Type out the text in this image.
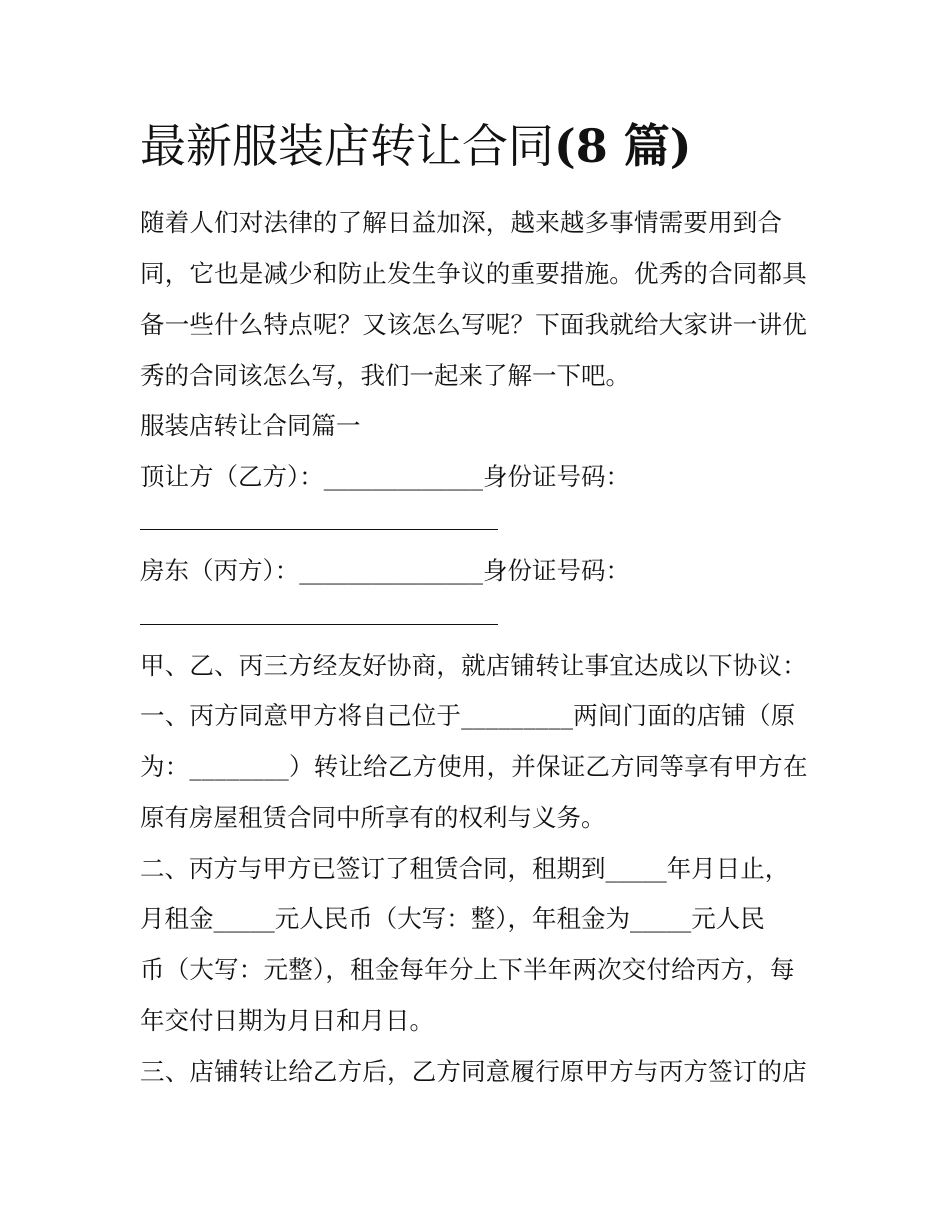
最新服装店转让合同(8 篇)

随着人们对法律的了解日益加深，越来越多事情需要用到合

同，它也是减少和防止发生争议的重要措施。优秀的合同都具

备一些什么特点呢？又该怎么写呢？下面我就给大家讲一讲优

秀的合同该怎么写，我们一起来了解一下吧。

服装店转让合同篇一

顶让方（乙方）：_____________身份证号码：

房东（丙方）：_______________身份证号码：

甲、乙、丙三方经友好协商，就店铺转让事宜达成以下协议：

一、丙方同意甲方将自己位于_________两间门面的店铺（原

为：________）转让给乙方使用，并保证乙方同等享有甲方在

原有房屋租赁合同中所享有的权利与义务。

二、丙方与甲方已签订了租赁合同，租期到_____年月日止，

月租金_____元人民币（大写：整），年租金为_____元人民

币（大写：元整），租金每年分上下半年两次交付给丙方，每

年交付日期为月日和月日。

三、店铺转让给乙方后，乙方同意履行原甲方与丙方签订的店
